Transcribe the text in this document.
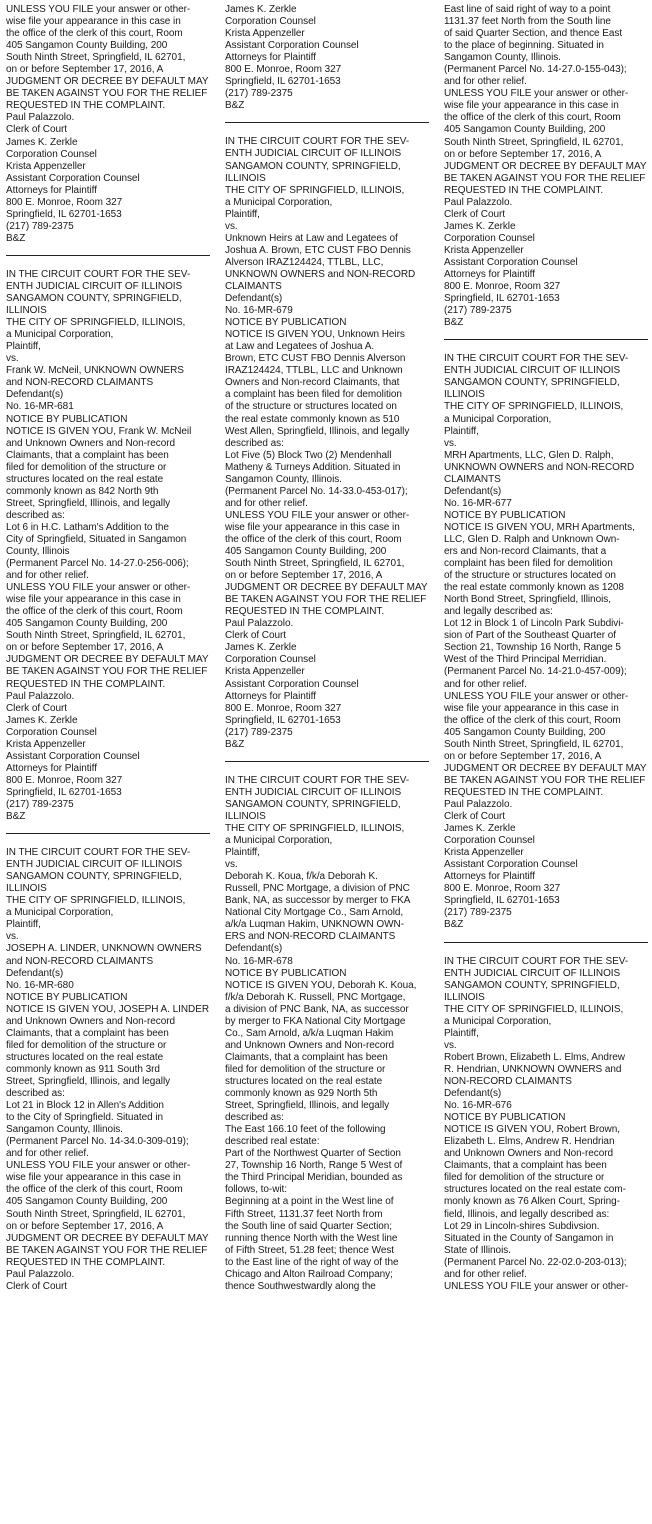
UNLESS YOU FILE your answer or other-
wise file your appearance in this case in
the office of the clerk of this court, Room
405 Sangamon County Building, 200
South Ninth Street, Springfield, IL 62701,
on or before September 17, 2016, A
JUDGMENT OR DECREE BY DEFAULT MAY
BE TAKEN AGAINST YOU FOR THE RELIEF
REQUESTED IN THE COMPLAINT.
Paul Palazzolo.
Clerk of Court
James K. Zerkle
Corporation Counsel
Krista Appenzeller
Assistant Corporation Counsel
Attorneys for Plaintiff
800 E. Monroe, Room 327
Springfield, IL 62701-1653
(217) 789-2375
B&Z
IN THE CIRCUIT COURT FOR THE SEV-
ENTH JUDICIAL CIRCUIT OF ILLINOIS
SANGAMON COUNTY, SPRINGFIELD,
ILLINOIS
THE CITY OF SPRINGFIELD, ILLINOIS,
a Municipal Corporation,
Plaintiff,
vs.
Frank W. McNeil, UNKNOWN OWNERS
and NON-RECORD CLAIMANTS
Defendant(s)
No. 16-MR-681
NOTICE BY PUBLICATION
NOTICE IS GIVEN YOU, Frank W. McNeil
and Unknown Owners and Non-record
Claimants, that a complaint has been
filed for demolition of the structure or
structures located on the real estate
commonly known as 842 North 9th
Street, Springfield, Illinois, and legally
described as:
Lot 6 in H.C. Latham's Addition to the
City of Springfield, Situated in Sangamon
County, Illinois
(Permanent Parcel No. 14-27.0-256-006);
and for other relief.
UNLESS YOU FILE your answer or other-
wise file your appearance in this case in
the office of the clerk of this court, Room
405 Sangamon County Building, 200
South Ninth Street, Springfield, IL 62701,
on or before September 17, 2016, A
JUDGMENT OR DECREE BY DEFAULT MAY
BE TAKEN AGAINST YOU FOR THE RELIEF
REQUESTED IN THE COMPLAINT.
Paul Palazzolo.
Clerk of Court
James K. Zerkle
Corporation Counsel
Krista Appenzeller
Assistant Corporation Counsel
Attorneys for Plaintiff
800 E. Monroe, Room 327
Springfield, IL 62701-1653
(217) 789-2375
B&Z
IN THE CIRCUIT COURT FOR THE SEV-
ENTH JUDICIAL CIRCUIT OF ILLINOIS
SANGAMON COUNTY, SPRINGFIELD,
ILLINOIS
THE CITY OF SPRINGFIELD, ILLINOIS,
a Municipal Corporation,
Plaintiff,
vs.
JOSEPH A. LINDER, UNKNOWN OWNERS
and NON-RECORD CLAIMANTS
Defendant(s)
No. 16-MR-680
NOTICE BY PUBLICATION
NOTICE IS GIVEN YOU, JOSEPH A. LINDER
and Unknown Owners and Non-record
Claimants, that a complaint has been
filed for demolition of the structure or
structures located on the real estate
commonly known as 911 South 3rd
Street, Springfield, Illinois, and legally
described as:
Lot 21 in Block 12 in Allen's Addition
to the City of Springfield. Situated in
Sangamon County, Illinois.
(Permanent Parcel No. 14-34.0-309-019);
and for other relief.
UNLESS YOU FILE your answer or other-
wise file your appearance in this case in
the office of the clerk of this court, Room
405 Sangamon County Building, 200
South Ninth Street, Springfield, IL 62701,
on or before September 17, 2016, A
JUDGMENT OR DECREE BY DEFAULT MAY
BE TAKEN AGAINST YOU FOR THE RELIEF
REQUESTED IN THE COMPLAINT.
Paul Palazzolo.
Clerk of Court
James K. Zerkle
Corporation Counsel
Krista Appenzeller
Assistant Corporation Counsel
Attorneys for Plaintiff
800 E. Monroe, Room 327
Springfield, IL 62701-1653
(217) 789-2375
B&Z
IN THE CIRCUIT COURT FOR THE SEV-
ENTH JUDICIAL CIRCUIT OF ILLINOIS
SANGAMON COUNTY, SPRINGFIELD,
ILLINOIS
THE CITY OF SPRINGFIELD, ILLINOIS,
a Municipal Corporation,
Plaintiff,
vs.
Unknown Heirs at Law and Legatees of
Joshua A. Brown, ETC CUST FBO Dennis
Alverson IRAZ124424, TTLBL, LLC,
UNKNOWN OWNERS and NON-RECORD
CLAIMANTS
Defendant(s)
No. 16-MR-679
NOTICE BY PUBLICATION
NOTICE IS GIVEN YOU, Unknown Heirs
at Law and Legatees of Joshua A.
Brown, ETC CUST FBO Dennis Alverson
IRAZ124424, TTLBL, LLC and Unknown
Owners and Non-record Claimants, that
a complaint has been filed for demolition
of the structure or structures located on
the real estate commonly known as 510
West Allen, Springfield, Illinois, and legally
described as:
Lot Five (5) Block Two (2) Mendenhall
Matheny & Turneys Addition. Situated in
Sangamon County, Illinois.
(Permanent Parcel No. 14-33.0-453-017);
and for other relief.
UNLESS YOU FILE your answer or other-
wise file your appearance in this case in
the office of the clerk of this court, Room
405 Sangamon County Building, 200
South Ninth Street, Springfield, IL 62701,
on or before September 17, 2016, A
JUDGMENT OR DECREE BY DEFAULT MAY
BE TAKEN AGAINST YOU FOR THE RELIEF
REQUESTED IN THE COMPLAINT.
Paul Palazzolo.
Clerk of Court
James K. Zerkle
Corporation Counsel
Krista Appenzeller
Assistant Corporation Counsel
Attorneys for Plaintiff
800 E. Monroe, Room 327
Springfield, IL 62701-1653
(217) 789-2375
B&Z
IN THE CIRCUIT COURT FOR THE SEV-
ENTH JUDICIAL CIRCUIT OF ILLINOIS
SANGAMON COUNTY, SPRINGFIELD,
ILLINOIS
THE CITY OF SPRINGFIELD, ILLINOIS,
a Municipal Corporation,
Plaintiff,
vs.
Deborah K. Koua, f/k/a Deborah K.
Russell, PNC Mortgage, a division of PNC
Bank, NA, as successor by merger to FKA
National City Mortgage Co., Sam Arnold,
a/k/a Luqman Hakim, UNKNOWN OWN-
ERS and NON-RECORD CLAIMANTS
Defendant(s)
No. 16-MR-678
NOTICE BY PUBLICATION
NOTICE IS GIVEN YOU, Deborah K. Koua,
f/k/a Deborah K. Russell, PNC Mortgage,
a division of PNC Bank, NA, as successor
by merger to FKA National City Mortgage
Co., Sam Arnold, a/k/a Luqman Hakim
and Unknown Owners and Non-record
Claimants, that a complaint has been
filed for demolition of the structure or
structures located on the real estate
commonly known as 929 North 5th
Street, Springfield, Illinois, and legally
described as:
The East 166.10 feet of the following
described real estate:
Part of the Northwest Quarter of Section
27, Township 16 North, Range 5 West of
the Third Principal Meridian, bounded as
follows, to-wit:
Beginning at a point in the West line of
Fifth Street, 1131.37 feet North from
the South line of said Quarter Section;
running thence North with the West line
of Fifth Street, 51.28 feet; thence West
to the East line of the right of way of the
Chicago and Alton Railroad Company;
thence Southwestwardly along the
East line of said right of way to a point
1131.37 feet North from the South line
of said Quarter Section, and thence East
to the place of beginning. Situated in
Sangamon County, Illinois.
(Permanent Parcel No. 14-27.0-155-043);
and for other relief.
UNLESS YOU FILE your answer or other-
wise file your appearance in this case in
the office of the clerk of this court, Room
405 Sangamon County Building, 200
South Ninth Street, Springfield, IL 62701,
on or before September 17, 2016, A
JUDGMENT OR DECREE BY DEFAULT MAY
BE TAKEN AGAINST YOU FOR THE RELIEF
REQUESTED IN THE COMPLAINT.
Paul Palazzolo.
Clerk of Court
James K. Zerkle
Corporation Counsel
Krista Appenzeller
Assistant Corporation Counsel
Attorneys for Plaintiff
800 E. Monroe, Room 327
Springfield, IL 62701-1653
(217) 789-2375
B&Z
IN THE CIRCUIT COURT FOR THE SEV-
ENTH JUDICIAL CIRCUIT OF ILLINOIS
SANGAMON COUNTY, SPRINGFIELD,
ILLINOIS
THE CITY OF SPRINGFIELD, ILLINOIS,
a Municipal Corporation,
Plaintiff,
vs.
MRH Apartments, LLC, Glen D. Ralph,
UNKNOWN OWNERS and NON-RECORD
CLAIMANTS
Defendant(s)
No. 16-MR-677
NOTICE BY PUBLICATION
NOTICE IS GIVEN YOU, MRH Apartments,
LLC, Glen D. Ralph and Unknown Own-
ers and Non-record Claimants, that a
complaint has been filed for demolition
of the structure or structures located on
the real estate commonly known as 1208
North Bond Street, Springfield, Illinois,
and legally described as:
Lot 12 in Block 1 of Lincoln Park Subdivi-
sion of Part of the Southeast Quarter of
Section 21, Township 16 North, Range 5
West of the Third Principal Merridian.
(Permanent Parcel No. 14-21.0-457-009);
and for other relief.
UNLESS YOU FILE your answer or other-
wise file your appearance in this case in
the office of the clerk of this court, Room
405 Sangamon County Building, 200
South Ninth Street, Springfield, IL 62701,
on or before September 17, 2016, A
JUDGMENT OR DECREE BY DEFAULT MAY
BE TAKEN AGAINST YOU FOR THE RELIEF
REQUESTED IN THE COMPLAINT.
Paul Palazzolo.
Clerk of Court
James K. Zerkle
Corporation Counsel
Krista Appenzeller
Assistant Corporation Counsel
Attorneys for Plaintiff
800 E. Monroe, Room 327
Springfield, IL 62701-1653
(217) 789-2375
B&Z
IN THE CIRCUIT COURT FOR THE SEV-
ENTH JUDICIAL CIRCUIT OF ILLINOIS
SANGAMON COUNTY, SPRINGFIELD,
ILLINOIS
THE CITY OF SPRINGFIELD, ILLINOIS,
a Municipal Corporation,
Plaintiff,
vs.
Robert Brown, Elizabeth L. Elms, Andrew
R. Hendrian, UNKNOWN OWNERS and
NON-RECORD CLAIMANTS
Defendant(s)
No. 16-MR-676
NOTICE BY PUBLICATION
NOTICE IS GIVEN YOU, Robert Brown,
Elizabeth L. Elms, Andrew R. Hendrian
and Unknown Owners and Non-record
Claimants, that a complaint has been
filed for demolition of the structure or
structures located on the real estate com-
monly known as 76 Alken Court, Spring-
field, Illinois, and legally described as:
Lot 29 in Lincoln-shires Subdivsion.
Situated in the County of Sangamon in
State of Illinois.
(Permanent Parcel No. 22-02.0-203-013);
and for other relief.
UNLESS YOU FILE your answer or other-
